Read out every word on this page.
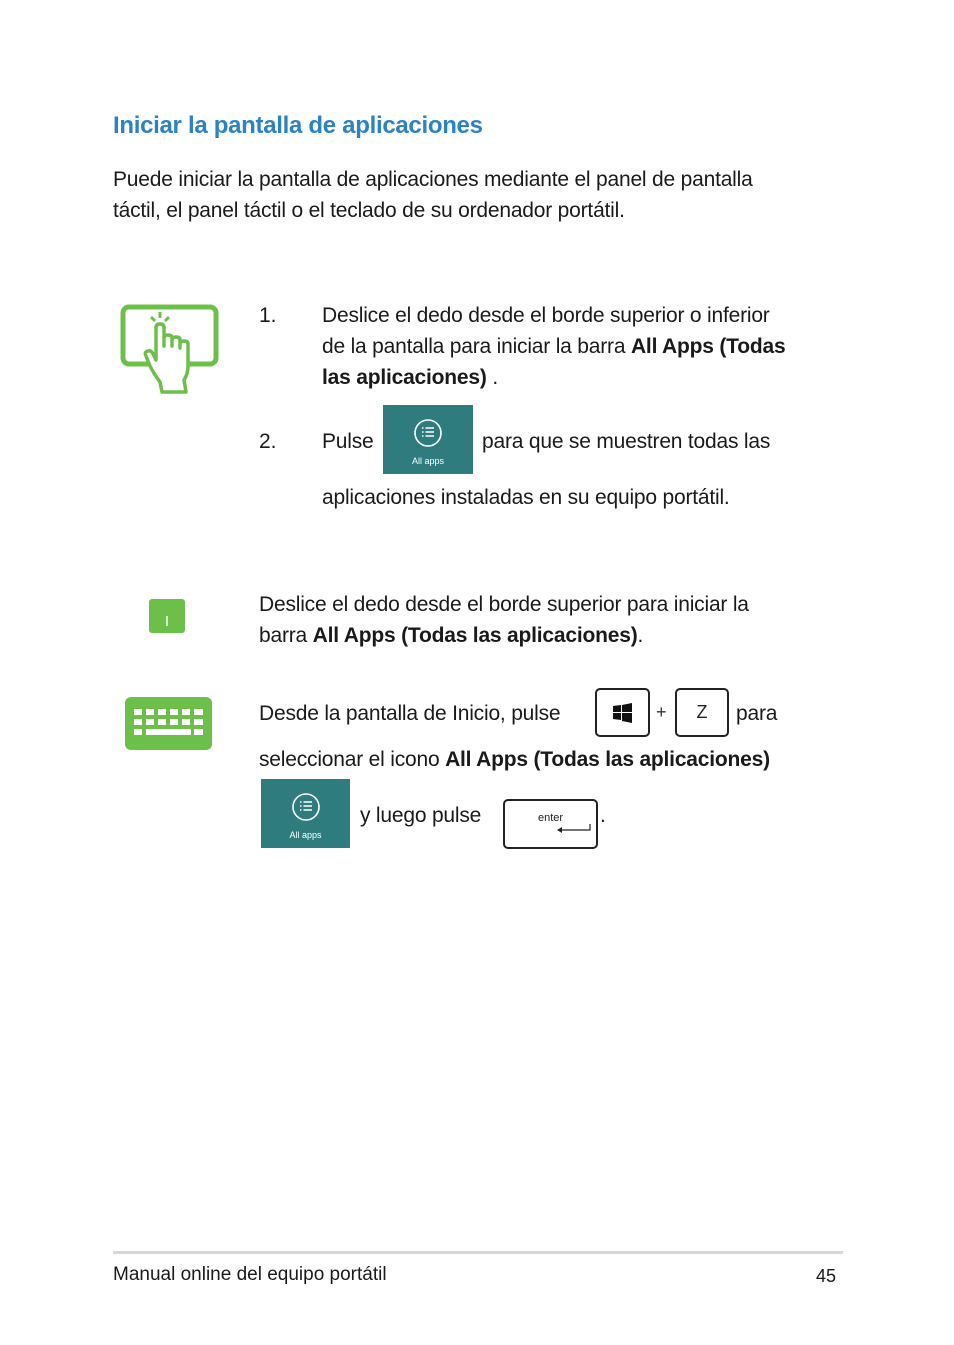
Iniciar la pantalla de aplicaciones
Puede iniciar la pantalla de aplicaciones mediante el panel de pantalla
táctil, el panel táctil o el teclado de su ordenador portátil.
1. Deslice el dedo desde el borde superior o inferior
de la pantalla para iniciar la barra All Apps (Todas
las aplicaciones) .
2. Pulse
All apps
para que se muestren todas las
aplicaciones instaladas en su equipo portátil.
Deslice el dedo desde el borde superior para iniciar la
barra All Apps (Todas las aplicaciones).
Desde la pantalla de Inicio, pulse	+	Z	para
seleccionar el icono All Apps (Todas las aplicaciones)
All apps
y luego pulse	enter	.
Manual online del equipo portátil	45
